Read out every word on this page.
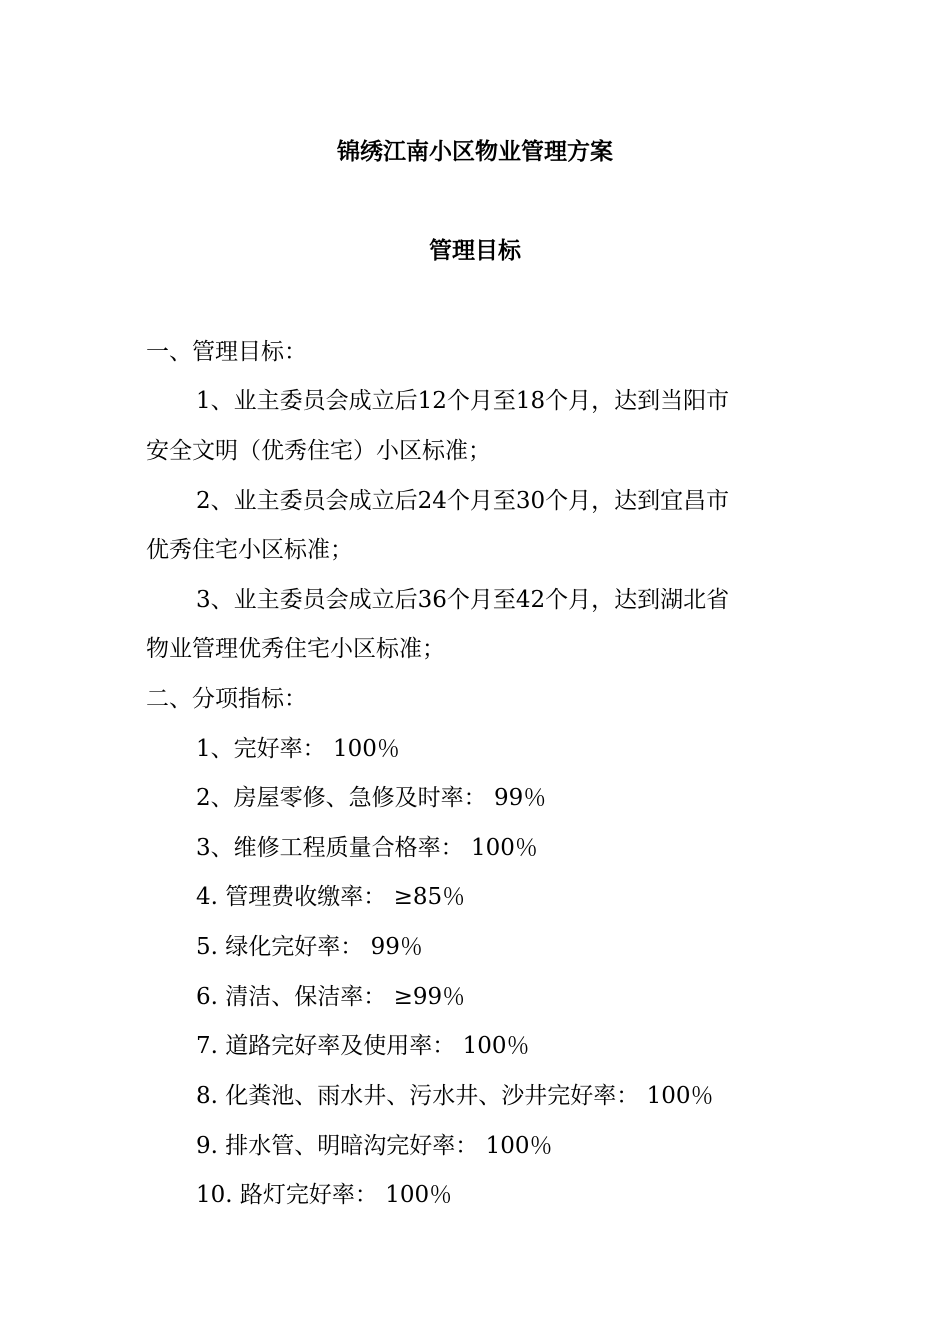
锦绣江南小区物业管理方案
管理目标
一、管理目标：
1、业主委员会成立后12个月至18个月，达到当阳市
安全文明（优秀住宅）小区标准；
2、业主委员会成立后24个月至30个月，达到宜昌市
优秀住宅小区标准；
3、业主委员会成立后36个月至42个月，达到湖北省
物业管理优秀住宅小区标准；
二、分项指标：
1、完好率： 100％
2、房屋零修、急修及时率： 99％
3、维修工程质量合格率： 100％
4. 管理费收缴率： ≥85％
5. 绿化完好率： 99％
6. 清洁、保洁率： ≥99％
7. 道路完好率及使用率： 100％
8. 化粪池、雨水井、污水井、沙井完好率： 100％
9. 排水管、明暗沟完好率： 100％
10. 路灯完好率： 100％
